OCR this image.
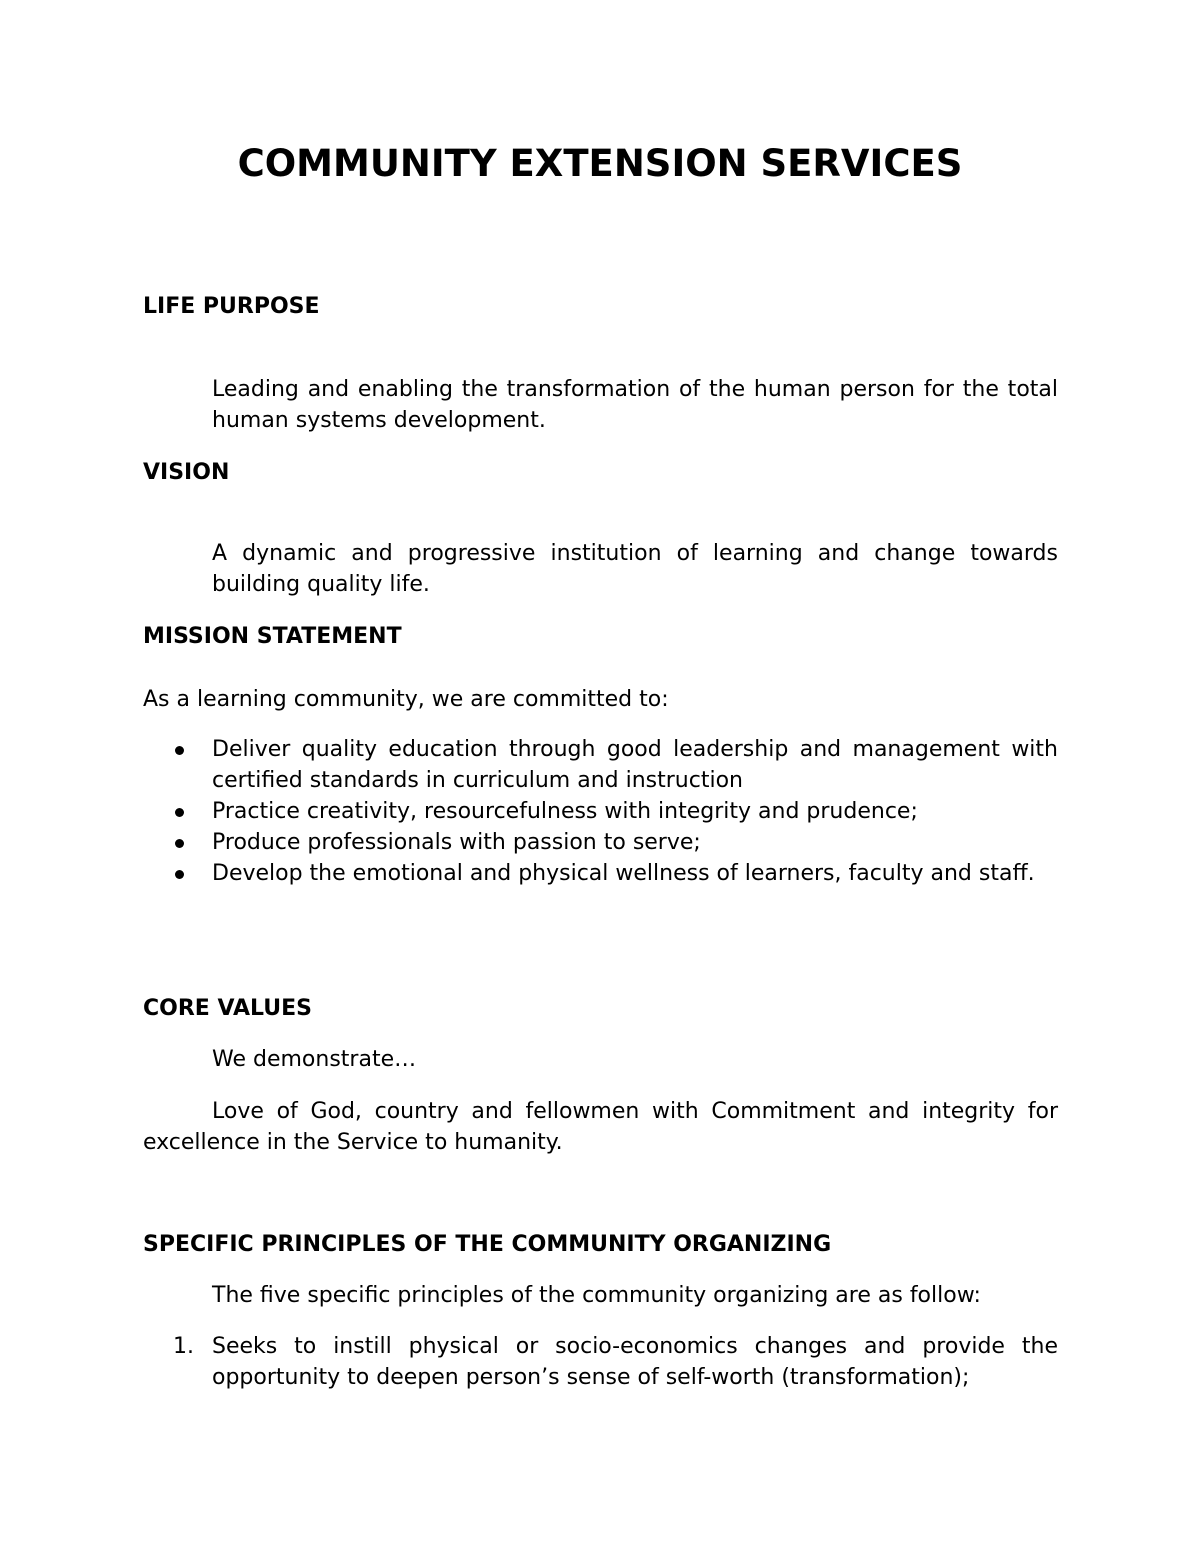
COMMUNITY EXTENSION SERVICES
LIFE PURPOSE

Leading and enabling the transformation of the human person for the total human systems development.

VISION

A dynamic and progressive institution of learning and change towards building quality life.

MISSION STATEMENT

As a learning community, we are committed to:

Deliver quality education through good leadership and management with certified standards in curriculum and instruction
Practice creativity, resourcefulness with integrity and prudence;
Produce professionals with passion to serve;
Develop the emotional and physical wellness of learners, faculty and staff.
CORE VALUES

We demonstrate…

Love of God, country and fellowmen with Commitment and integrity for excellence in the Service to humanity.

SPECIFIC PRINCIPLES OF THE COMMUNITY ORGANIZING

The five specific principles of the community organizing are as follow:

1. Seeks to instill physical or socio-economics changes and provide the opportunity to deepen person’s sense of self-worth (transformation);
